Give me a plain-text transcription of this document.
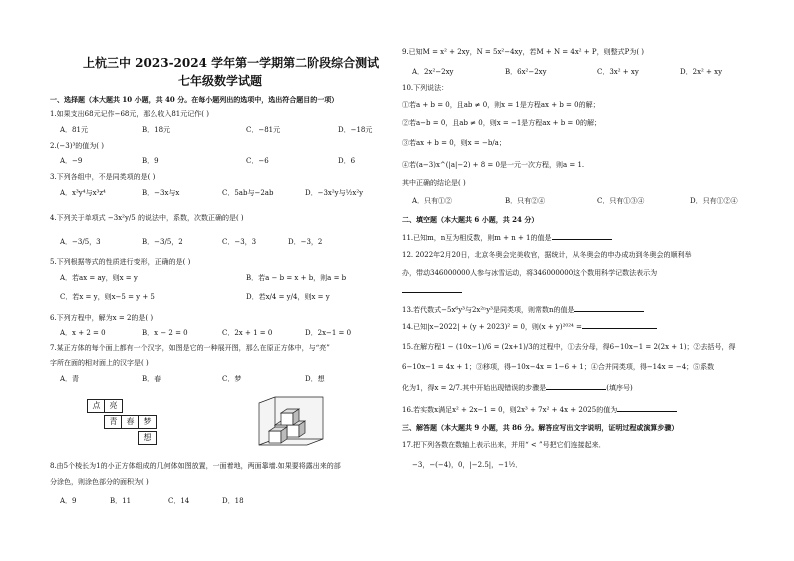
上杭三中 2023-2024 学年第一学期第二阶段综合测试
七年级数学试题
一、选择题（本大题共 10 小题，共 40 分。在每小题列出的选项中，选出符合题目的一项）
1.如果支出68元记作−68元，那么收入81元记作( )
A．81元	B．18元	C．−81元	D．−18元
2.(−3)³的值为( )
A．−9	B．9	C．−6	D．6
3.下列各组中，不是同类项的是( )
A．x³y⁴与x³z⁴	B．−3x与x	C．5ab与−2ab	D．−3x²y与½x²y
4.下列关于单项式 −3x²y/5 的说法中，系数，次数正确的是( )
A．−3/5，3	B．−3/5，2	C．−3，3	D．−3，2
5.下列根据等式的性质进行变形，正确的是( )
A．若ax = ay，则x = y	B．若a − b = x + b，则a = b
C．若x = y，则x−5 = y + 5	D．若x/4 = y/4，则x = y
6.下列方程中，解为x = 2的是( )
A．x + 2 = 0	B．x − 2 = 0	C．2x + 1 = 0	D．2x−1 = 0
7.某正方体的每个面上都有一个汉字，如图是它的一种展开图，那么在原正方体中，与“亮”
字所在面的相对面上的汉字是( )
A．青	B．春	C．梦	D．想
点	亮
青	春	梦
想
8.由5个棱长为1的小正方体组成的几何体如图放置，一面着地，两面靠墙.如果要将露出来的部
分涂色，则涂色部分的面积为( )
A．9	B．11	C．14	D．18
9.已知M = x² + 2xy，N = 5x²−4xy，若M + N = 4x² + P，则整式P为( )
A．2x²−2xy	B．6x²−2xy	C．3x² + xy	D．2x² + xy
10.下列说法：
①若a + b = 0，且ab ≠ 0，则x = 1是方程ax + b = 0的解；
②若a−b = 0，且ab ≠ 0，则x = −1是方程ax + b = 0的解；
③若ax + b = 0，则x = −b/a；
④若(a−3)x^(|a|−2) + 8 = 0是一元一次方程，则a = 1.
其中正确的结论是( )
A．只有①②	B．只有②④	C．只有①③④	D．只有①②④
二、填空题（本大题共 6 小题，共 24 分）
11.已知m，n互为相反数，则m + n + 1的值是
12. 2022年2月20日，北京冬奥会完美收官，据统计，从冬奥会的申办成功到冬奥会的顺利举
办，带动346000000人参与冰雪运动，将346000000这个数用科学记数法表示为
13.若代数式−5x⁶y³与2x²ⁿy³是同类项，则常数n的值是
14.已知|x−2022| + (y + 2023)² = 0，则(x + y)²⁰²⁴ =
15.在解方程1 − (10x−1)/6 = (2x+1)/3的过程中，①去分母，得6−10x−1 = 2(2x + 1)；②去括号，得
6−10x−1 = 4x + 1；③移项，得−10x−4x = 1−6 + 1；④合并同类项，得−14x = −4；⑤系数
化为1，得x = 2/7.其中开始出现错误的步骤是	(填序号)
16.若实数x满足x² + 2x−1 = 0，则2x³ + 7x² + 4x + 2025的值为
三、解答题（本大题共 9 小题，共 86 分。解答应写出文字说明，证明过程或演算步骤）
17.把下列各数在数轴上表示出来，并用“ < ”号把它们连接起来．
−3，−(−4)，0，|−2.5|，−1½．
